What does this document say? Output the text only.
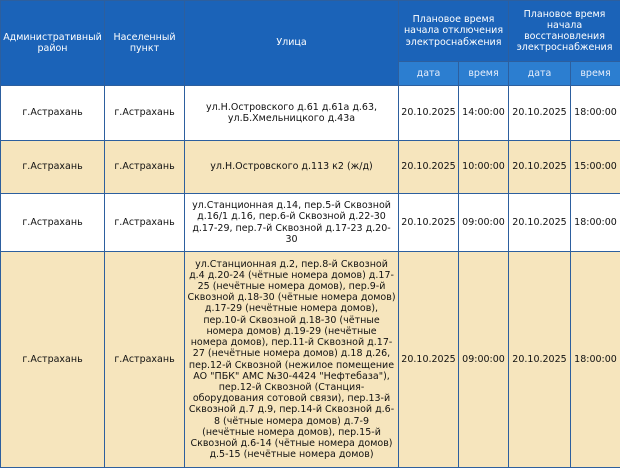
Административный район	Населенный пункт	Улица	Плановое время начала отключения электроснабжения		Плановое время начала восстановления электроснабжения	
			дата	время	дата	время
г.Астрахань	г.Астрахань	ул.Н.Островского д.61 д.61а д.63, ул.Б.Хмельницкого д.43а	20.10.2025	14:00:00	20.10.2025	18:00:00
г.Астрахань	г.Астрахань	ул.Н.Островского д.113 к2 (ж/д)	20.10.2025	10:00:00	20.10.2025	15:00:00
г.Астрахань	г.Астрахань	ул.Станционная д.14, пер.5-й Сквозной д.16/1 д.16, пер.6-й Сквозной д.22-30 д.17-29, пер.7-й Сквозной д.17-23 д.20-30	20.10.2025	09:00:00	20.10.2025	18:00:00
г.Астрахань	г.Астрахань	ул.Станционная д.2, пер.8-й Сквозной д.4 д.20-24 (чётные номера домов) д.17-25 (нечётные номера домов), пер.9-й Сквозной д.18-30 (чётные номера домов) д.17-29 (нечётные номера домов), пер.10-й Сквозной д.18-30 (чётные номера домов) д.19-29 (нечётные номера домов), пер.11-й Сквозной д.17-27 (нечётные номера домов) д.18 д.26, пер.12-й Сквозной (нежилое помещение АО "ПБК" АМС №30-4424 "Нефтебаза"), пер.12-й Сквозной (Станция-оборудования сотовой связи), пер.13-й Сквозной д.7 д.9, пер.14-й Сквозной д.6-8 (чётные номера домов) д.7-9 (нечётные номера домов), пер.15-й Сквозной д.6-14 (чётные номера домов) д.5-15 (нечётные номера домов)	20.10.2025	09:00:00	20.10.2025	18:00:00
